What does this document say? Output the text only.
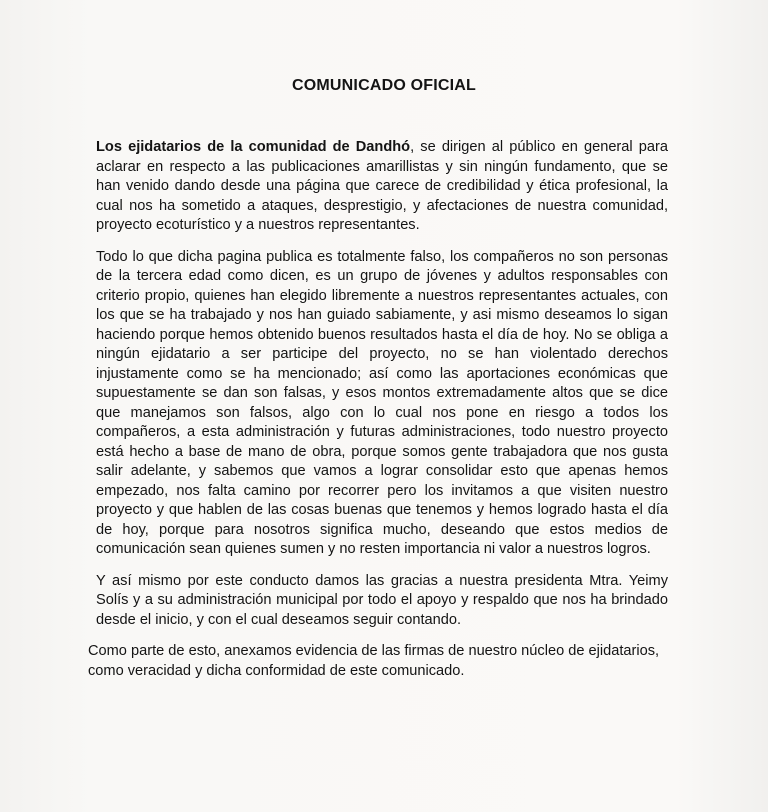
COMUNICADO OFICIAL

Los ejidatarios de la comunidad de Dandhó, se dirigen al público en general para aclarar en respecto a las publicaciones amarillistas y sin ningún fundamento, que se han venido dando desde una página que carece de credibilidad y ética profesional, la cual nos ha sometido a ataques, desprestigio, y afectaciones de nuestra comunidad, proyecto ecoturístico y a nuestros representantes.

Todo lo que dicha pagina publica es totalmente falso, los compañeros no son personas de la tercera edad como dicen, es un grupo de jóvenes y adultos responsables con criterio propio, quienes han elegido libremente a nuestros representantes actuales, con los que se ha trabajado y nos han guiado sabiamente, y asi mismo deseamos lo sigan haciendo porque hemos obtenido buenos resultados hasta el día de hoy. No se obliga a ningún ejidatario a ser participe del proyecto, no se han violentado derechos injustamente como se ha mencionado; así como las aportaciones económicas que supuestamente se dan son falsas, y esos montos extremadamente altos que se dice que manejamos son falsos, algo con lo cual nos pone en riesgo a todos los compañeros, a esta administración y futuras administraciones, todo nuestro proyecto está hecho a base de mano de obra, porque somos gente trabajadora que nos gusta salir adelante, y sabemos que vamos a lograr consolidar esto que apenas hemos empezado, nos falta camino por recorrer pero los invitamos a que visiten nuestro proyecto y que hablen de las cosas buenas que tenemos y hemos logrado hasta el día de hoy, porque para nosotros significa mucho, deseando que estos medios de comunicación sean quienes sumen y no resten importancia ni valor a nuestros logros.

Y así mismo por este conducto damos las gracias a nuestra presidenta Mtra. Yeimy Solís y a su administración municipal por todo el apoyo y respaldo que nos ha brindado desde el inicio, y con el cual deseamos seguir contando.

Como parte de esto, anexamos evidencia de las firmas de nuestro núcleo de ejidatarios, como veracidad y dicha conformidad de este comunicado.
